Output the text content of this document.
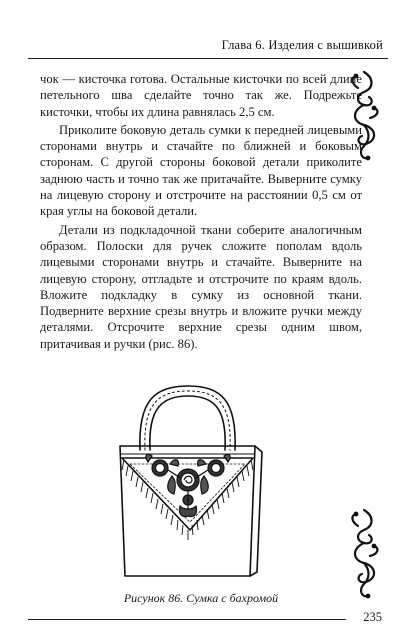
Глава 6. Изделия с вышивкой

чок — кисточка готова. Остальные кисточки по всей длине петельного шва сделайте точно так же. Подрежьте кисточки, чтобы их длина равнялась 2,5 см.

Приколите боковую деталь сумки к передней лицевыми сторонами внутрь и стачайте по ближней и боковым сторонам. С другой стороны боковой детали приколите заднюю часть и точно так же притачайте. Выверните сумку на лицевую сторону и отстрочите на расстоянии 0,5 см от края углы на боковой детали.

Детали из подкладочной ткани соберите аналогичным образом. Полоски для ручек сложите пополам вдоль лицевыми сторонами внутрь и стачайте. Выверните на лицевую сторону, отгладьте и отстрочите по краям вдоль. Вложите подкладку в сумку из основной ткани. Подверните верхние срезы внутрь и вложите ручки между деталями. Отсрочите верхние срезы одним швом, притачивая и ручки (рис. 86).

Рисунок 86. Сумка с бахромой
235
